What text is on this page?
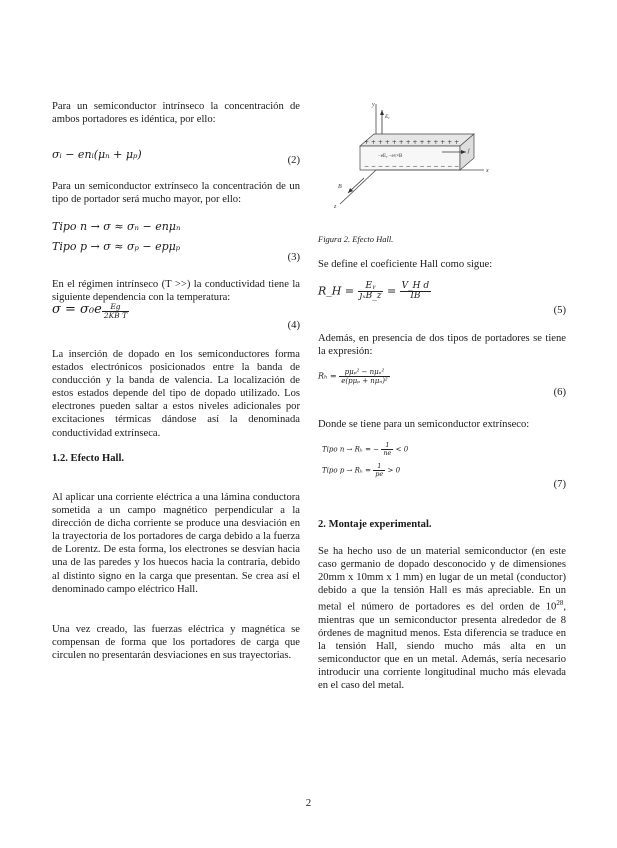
Para un semiconductor intrínseco la concentración de ambos portadores es idéntica, por ello:

σᵢ − enᵢ(μₙ + μₚ)	(2)

Para un semiconductor extrínseco la concentración de un tipo de portador será mucho mayor, por ello:

Tipo n → σ ≈ σₙ − enμₙ
Tipo p → σ ≈ σₚ − epμₚ
(3)

En el régimen intrínseco (T >>) la conductividad tiene la siguiente dependencia con la temperatura:

$\sigma = \sigma_0e \frac{Eg}{\text{2KB T}}$
(4)

La inserción de dopado en los semiconductores forma estados electrónicos posicionados entre la banda de conducción y la banda de valencia. La localización de estos estados depende del tipo de dopado utilizado. Los electrones pueden saltar a estos niveles adicionales por excitaciones térmicas dándose así la denominada conductividad extrínseca.

1.2. Efecto Hall.

Al aplicar una corriente eléctrica a una lámina conductora sometida a un campo magnético perpendicular a la dirección de dicha corriente se produce una desviación en la trayectoria de los portadores de carga debido a la fuerza de Lorentz. De esta forma, los electrones se desvían hacia una de las paredes y los huecos hacia la contraria, debido al distinto signo en la carga que presentan. Se crea así el denominado campo eléctrico Hall.

Una vez creado, las fuerzas eléctrica y magnética se compensan de forma que los portadores de carga que circulen no presentarán desviaciones en sus trayectorias.

y
Eᵧ
+ + + + + + + + + + + + + +
− − − − − − − − − − − − − −
−eEᵧ −ev×B
j
x
z
B

Figura 2. Efecto Hall.

Se define el coeficiente Hall como sigue:

R_H = $\frac{\text{Eᵧ}}{\text{jₓB\_z}} = \frac{\text{V\_H d}}{IB}$
(5)

Además, en presencia de dos tipos de portadores se tiene la expresión:

$R_h = \frac{\text{pμₚ² − nμₙ²}}{\text{e(pμₚ + nμₙ)²}}$
(6)

Donde se tiene para un semiconductor extrínseco:

Tipo n → Rₕ = − $\frac{1}{ne} < 0$
Tipo $p \to R_h = \frac{1}{pe} > 0$
(7)

2. Montaje experimental.

Se ha hecho uso de un material semiconductor (en este caso germanio de dopado desconocido y de dimensiones 20mm x 10mm x 1 mm) en lugar de un metal (conductor) debido a que la tensión Hall es más apreciable. En un metal el número de portadores es del orden de $10^{28}$, mientras que un semiconductor presenta alrededor de 8 órdenes de magnitud menos. Esta diferencia se traduce en la tensión Hall, siendo mucho más alta en un semiconductor que en un metal. Además, sería necesario introducir una corriente longitudinal mucho más elevada en el caso del metal.

2
